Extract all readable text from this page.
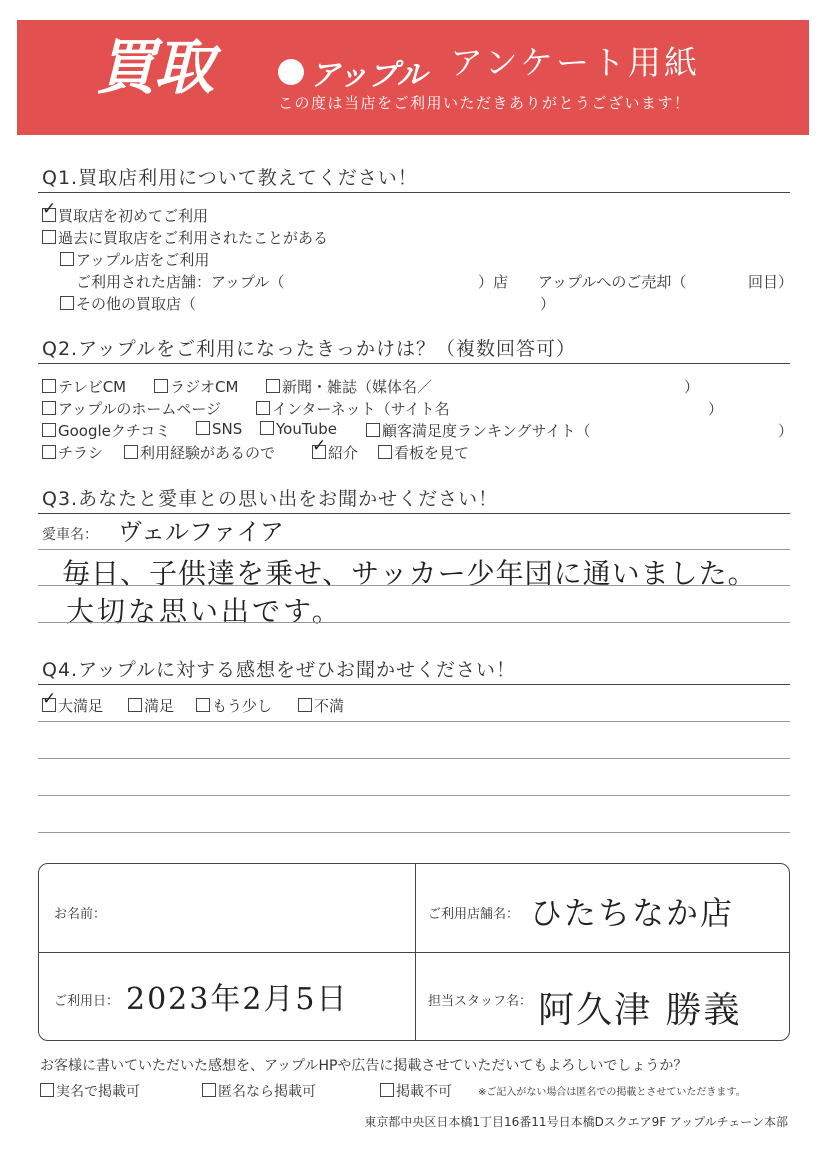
買取	アップル アンケート用紙
この度は当店をご利用いただきありがとうございます！
Q1.買取店利用について教えてください！
✓ 買取店を初めてご利用
過去に買取店をご利用されたことがある
アップル店をご利用
ご利用された店舗：アップル（	）店 アップルへのご売却（	回目）
その他の買取店（	）
Q2.アップルをご利用になったきっかけは？（複数回答可）
テレビCM	ラジオCM	新聞・雑誌（媒体名／	）
アップルのホームページ	インターネット（サイト名	）
Googleクチコミ	SNS	YouTube	顧客満足度ランキングサイト（	）
チラシ	利用経験があるので ✓ 紹介	看板を見て
Q3.あなたと愛車との思い出をお聞かせください！
愛車名： ヴェルファイア
毎日、子供達を乗せ、サッカー少年団に通いました。
大切な思い出です。
Q4.アップルに対する感想をぜひお聞かせください！
✓ 大満足	満足	もう少し	不満
お名前：	ご利用店舗名： ひたちなか店
ご利用日： 2023年2月5日	担当スタッフ名： 阿久津 勝義
お客様に書いていただいた感想を、アップルHPや広告に掲載させていただいてもよろしいでしょうか？
実名で掲載可	匿名なら掲載可	掲載不可	※ご記入がない場合は匿名での掲載とさせていただきます。
東京都中央区日本橋1丁目16番11号日本橋Dスクエア9F アップルチェーン本部
